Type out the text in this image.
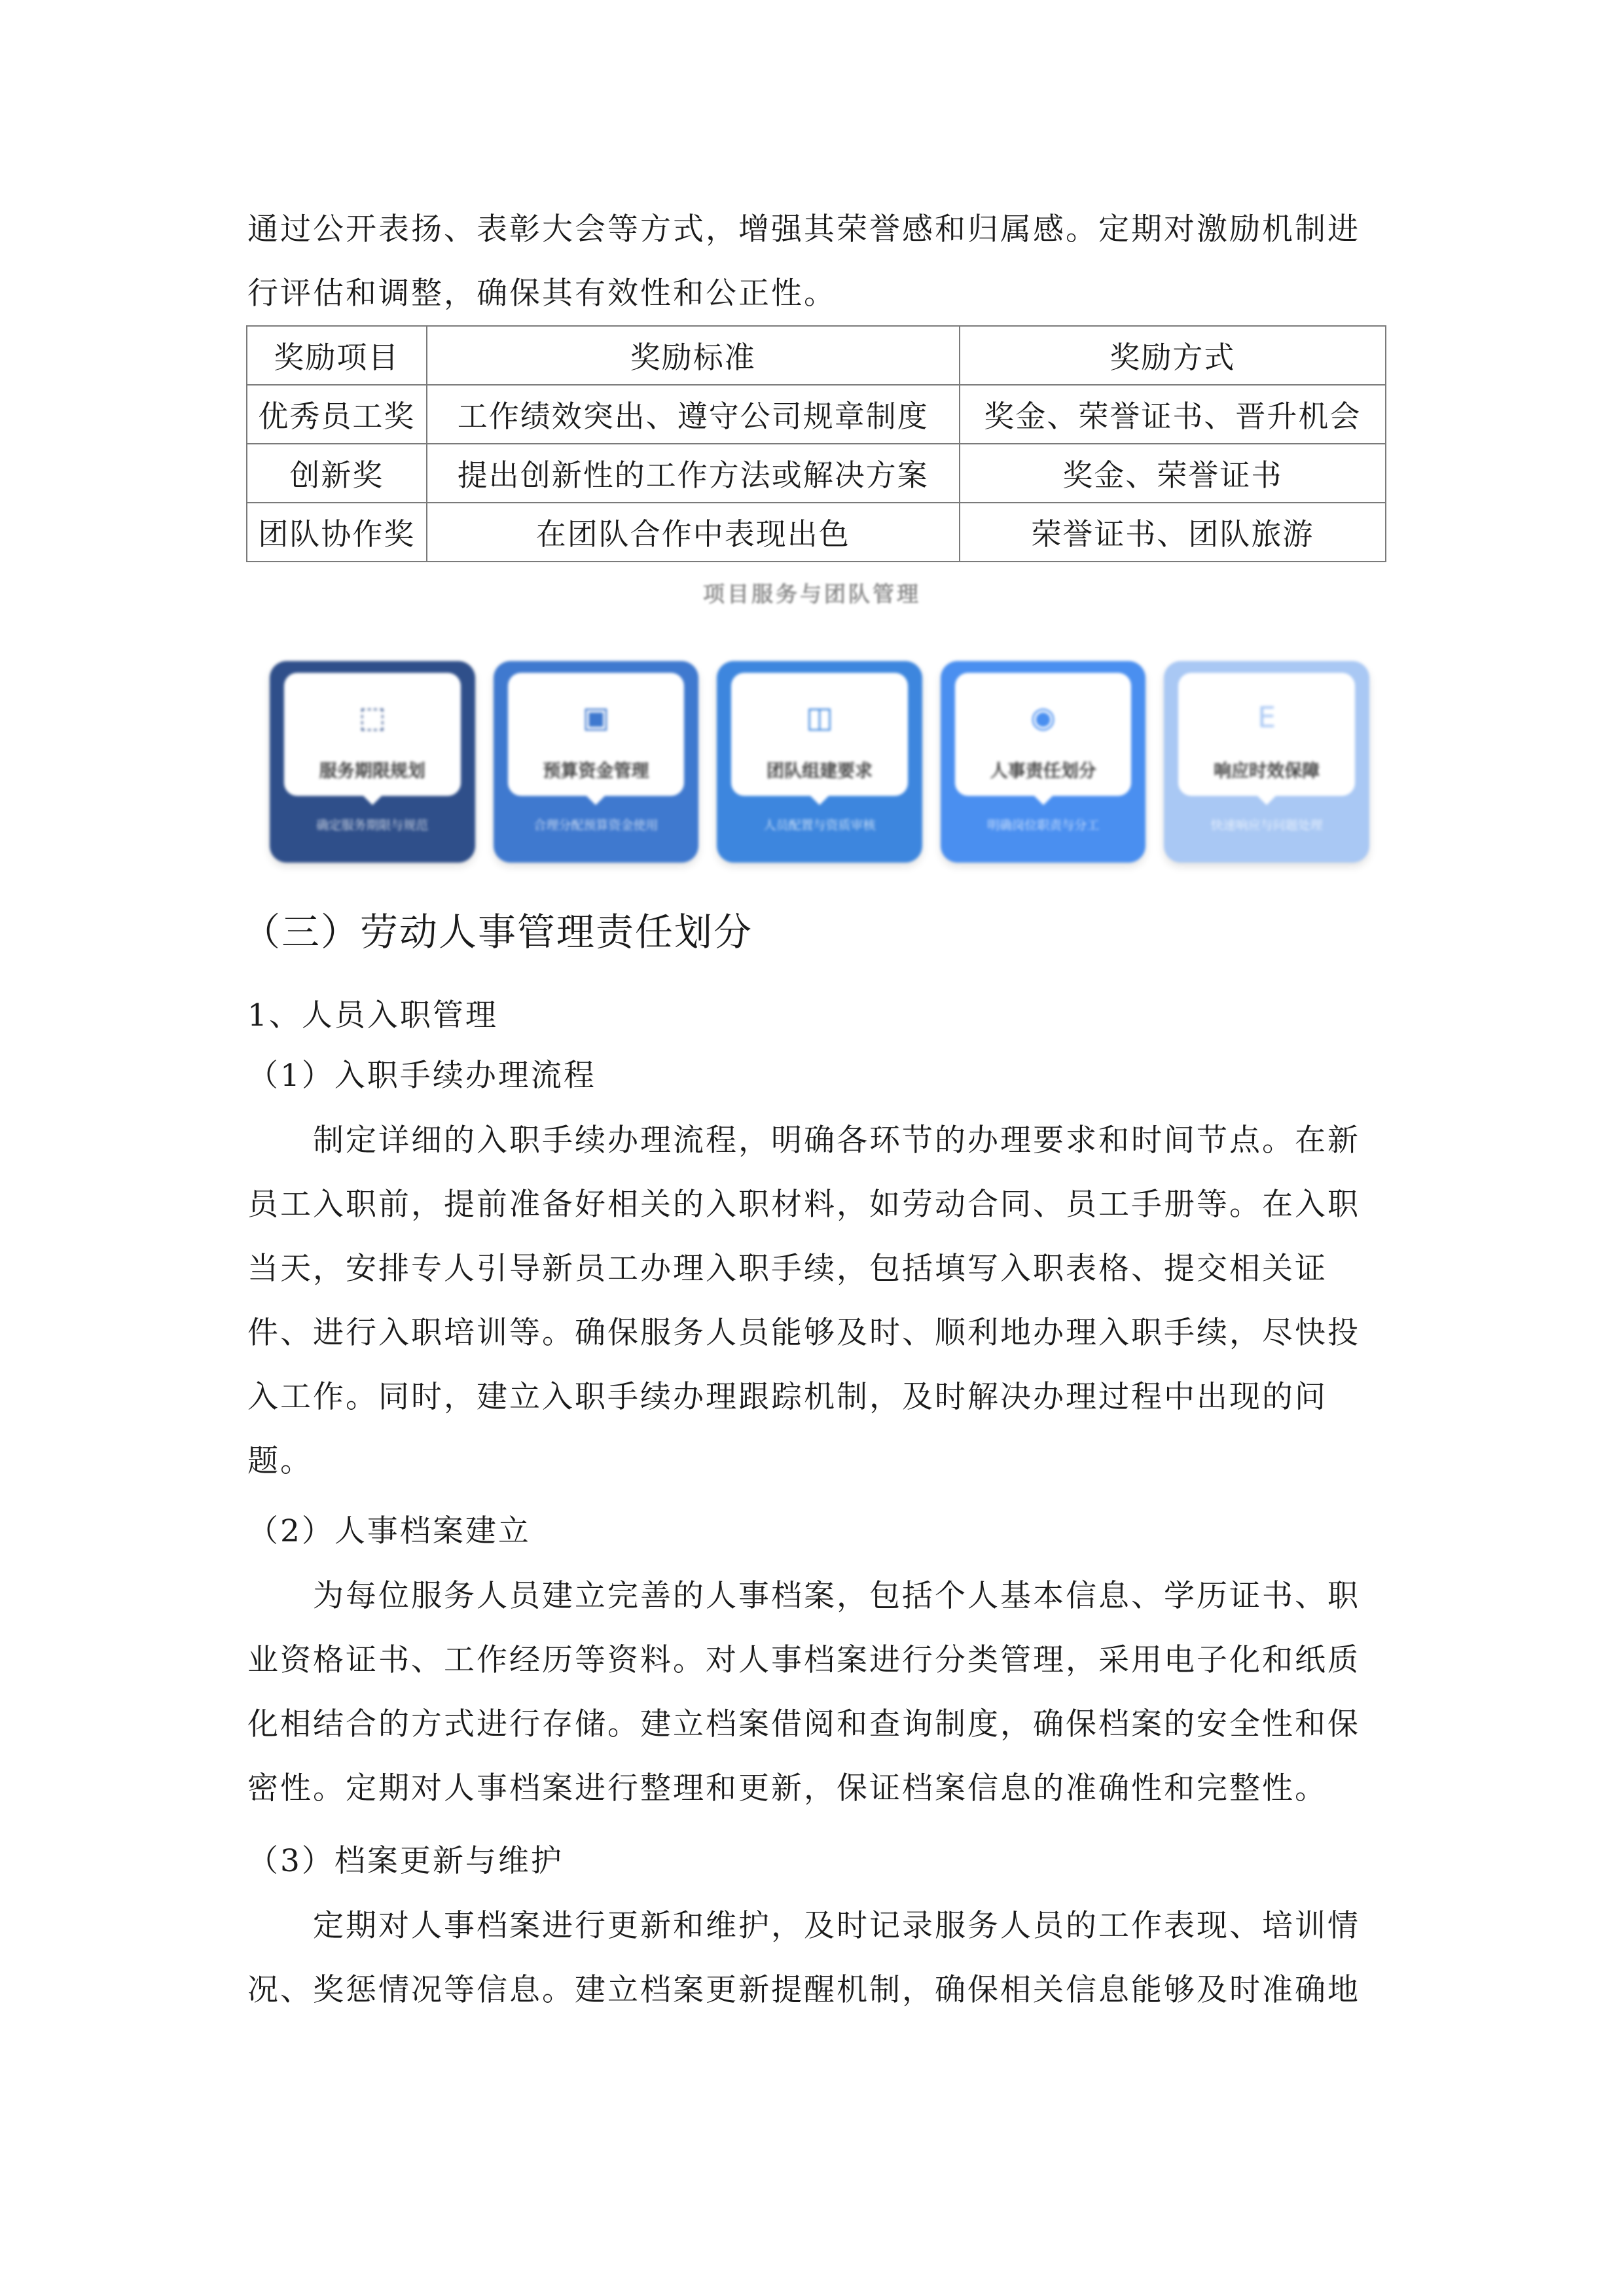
通过公开表扬、表彰大会等方式，增强其荣誉感和归属感。定期对激励机制进
行评估和调整，确保其有效性和公正性。
奖励项目	奖励标准	奖励方式
优秀员工奖	工作绩效突出、遵守公司规章制度	奖金、荣誉证书、晋升机会
创新奖	提出创新性的工作方法或解决方案	奖金、荣誉证书
团队协作奖	在团队合作中表现出色	荣誉证书、团队旅游
项目服务与团队管理
⬚
服务期限规划
确定服务期限与规范
▣
预算资金管理
合理分配预算资金使用
◫
团队组建要求
人员配置与资质审核
◉
人事责任划分
明确岗位职责与分工
E
响应时效保障
快速响应与问题处理
（三）劳动人事管理责任划分
1、人员入职管理
（1）入职手续办理流程
制定详细的入职手续办理流程，明确各环节的办理要求和时间节点。在新
员工入职前，提前准备好相关的入职材料，如劳动合同、员工手册等。在入职
当天，安排专人引导新员工办理入职手续，包括填写入职表格、提交相关证
件、进行入职培训等。确保服务人员能够及时、顺利地办理入职手续，尽快投
入工作。同时，建立入职手续办理跟踪机制，及时解决办理过程中出现的问
题。
（2）人事档案建立
为每位服务人员建立完善的人事档案，包括个人基本信息、学历证书、职
业资格证书、工作经历等资料。对人事档案进行分类管理，采用电子化和纸质
化相结合的方式进行存储。建立档案借阅和查询制度，确保档案的安全性和保
密性。定期对人事档案进行整理和更新，保证档案信息的准确性和完整性。
（3）档案更新与维护
定期对人事档案进行更新和维护，及时记录服务人员的工作表现、培训情
况、奖惩情况等信息。建立档案更新提醒机制，确保相关信息能够及时准确地
